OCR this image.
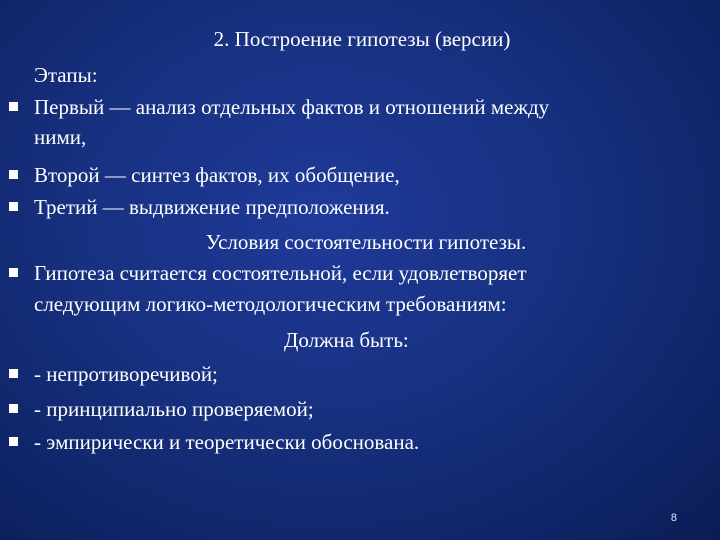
2. Построение гипотезы (версии)
Этапы:
Первый — анализ отдельных фактов и отношений между
ними,
Второй — синтез фактов, их обобщение,
Третий — выдвижение предположения.
Условия состоятельности гипотезы.
Гипотеза считается состоятельной, если удовлетворяет
следующим логико-методологическим требованиям:
Должна быть:
- непротиворечивой;
- принципиально проверяемой;
- эмпирически и теоретически обоснована.
8
